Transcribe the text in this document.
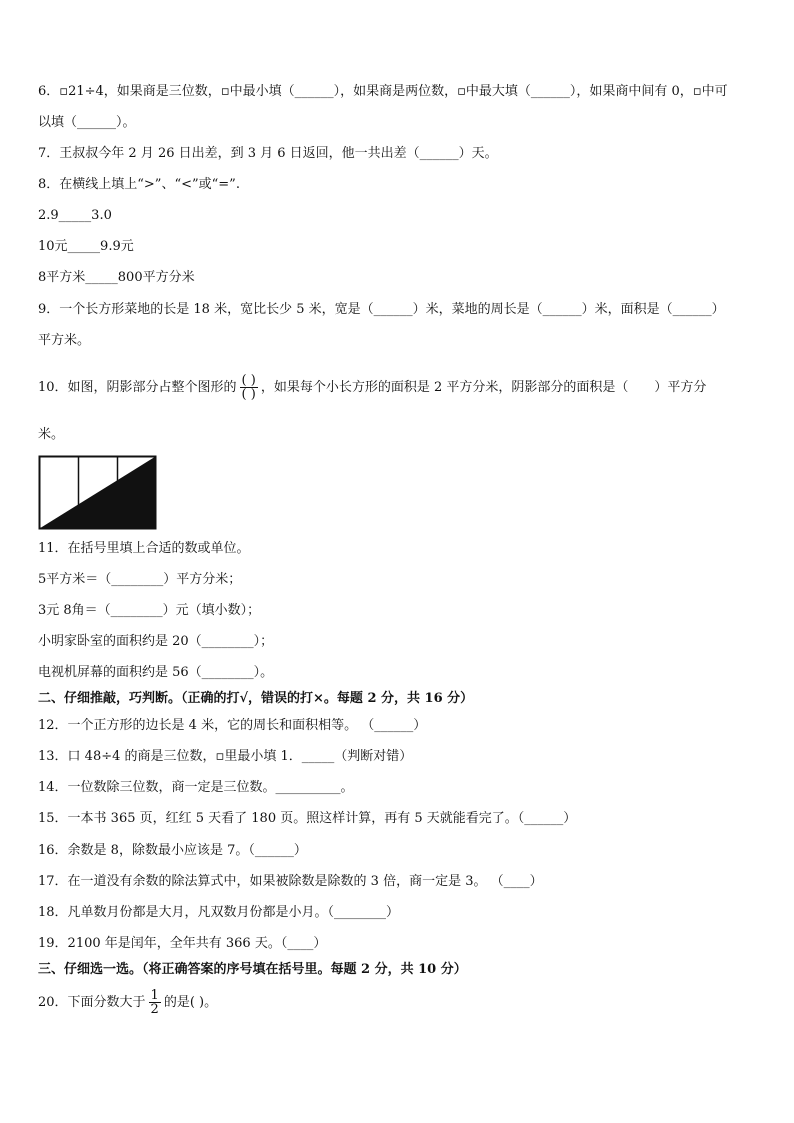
6．▫21÷4，如果商是三位数，▫中最小填（______），如果商是两位数，▫中最大填（______），如果商中间有 0，▫中可
以填（______）。
7．王叔叔今年 2 月 26 日出差，到 3 月 6 日返回，他一共出差（______）天。
8．在横线上填上“>”、“<”或“=”.
2.9_____3.0
10元_____9.9元
8平方米_____800平方分米
9．一个长方形菜地的长是 18 米，宽比长少 5 米，宽是（______）米，菜地的周长是（______）米，面积是（______）
平方米。
10．如图，阴影部分占整个图形的 $\frac{( )}{( )}$ ，如果每个小长方形的面积是 2 平方分米，阴影部分的面积是（　　）平方分
米。
11．在括号里填上合适的数或单位。
5平方米＝（________）平方分米；
3元 8角＝（________）元（填小数）；
小明家卧室的面积约是 20（________）；
电视机屏幕的面积约是 56（________）。
二、仔细推敲，巧判断。（正确的打√，错误的打×。每题 2 分，共 16 分）
12．一个正方形的边长是 4 米，它的周长和面积相等。 （______）
13．口 48÷4 的商是三位数，▫里最小填 1．_____（判断对错）
14．一位数除三位数，商一定是三位数。__________。
15．一本书 365 页，红红 5 天看了 180 页。照这样计算，再有 5 天就能看完了。（______）
16．余数是 8，除数最小应该是 7。（______）
17．在一道没有余数的除法算式中，如果被除数是除数的 3 倍，商一定是 3。 （____）
18．凡单数月份都是大月，凡双数月份都是小月。（________）
19．2100 年是闰年，全年共有 366 天。（____）
三、仔细选一选。（将正确答案的序号填在括号里。每题 2 分，共 10 分）
20．下面分数大于 $\frac{1}{2}$ 的是( )。
